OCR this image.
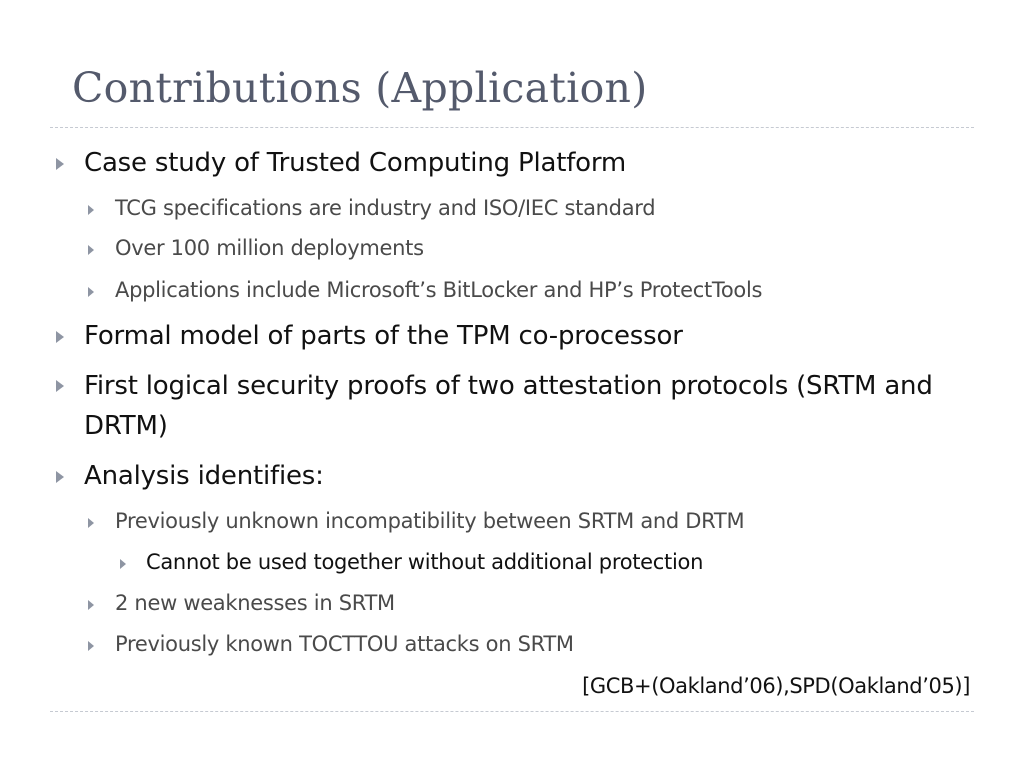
Contributions (Application)
Case study of Trusted Computing Platform
TCG specifications are industry and ISO/IEC standard
Over 100 million deployments
Applications include Microsoft’s BitLocker and HP’s ProtectTools
Formal model of parts of the TPM co-processor
First logical security proofs of two attestation protocols (SRTM and DRTM)
Analysis identifies:
Previously unknown incompatibility between SRTM and DRTM
Cannot be used together without additional protection
2 new weaknesses in SRTM
Previously known TOCTTOU attacks on SRTM
[GCB+(Oakland’06),SPD(Oakland’05)]
